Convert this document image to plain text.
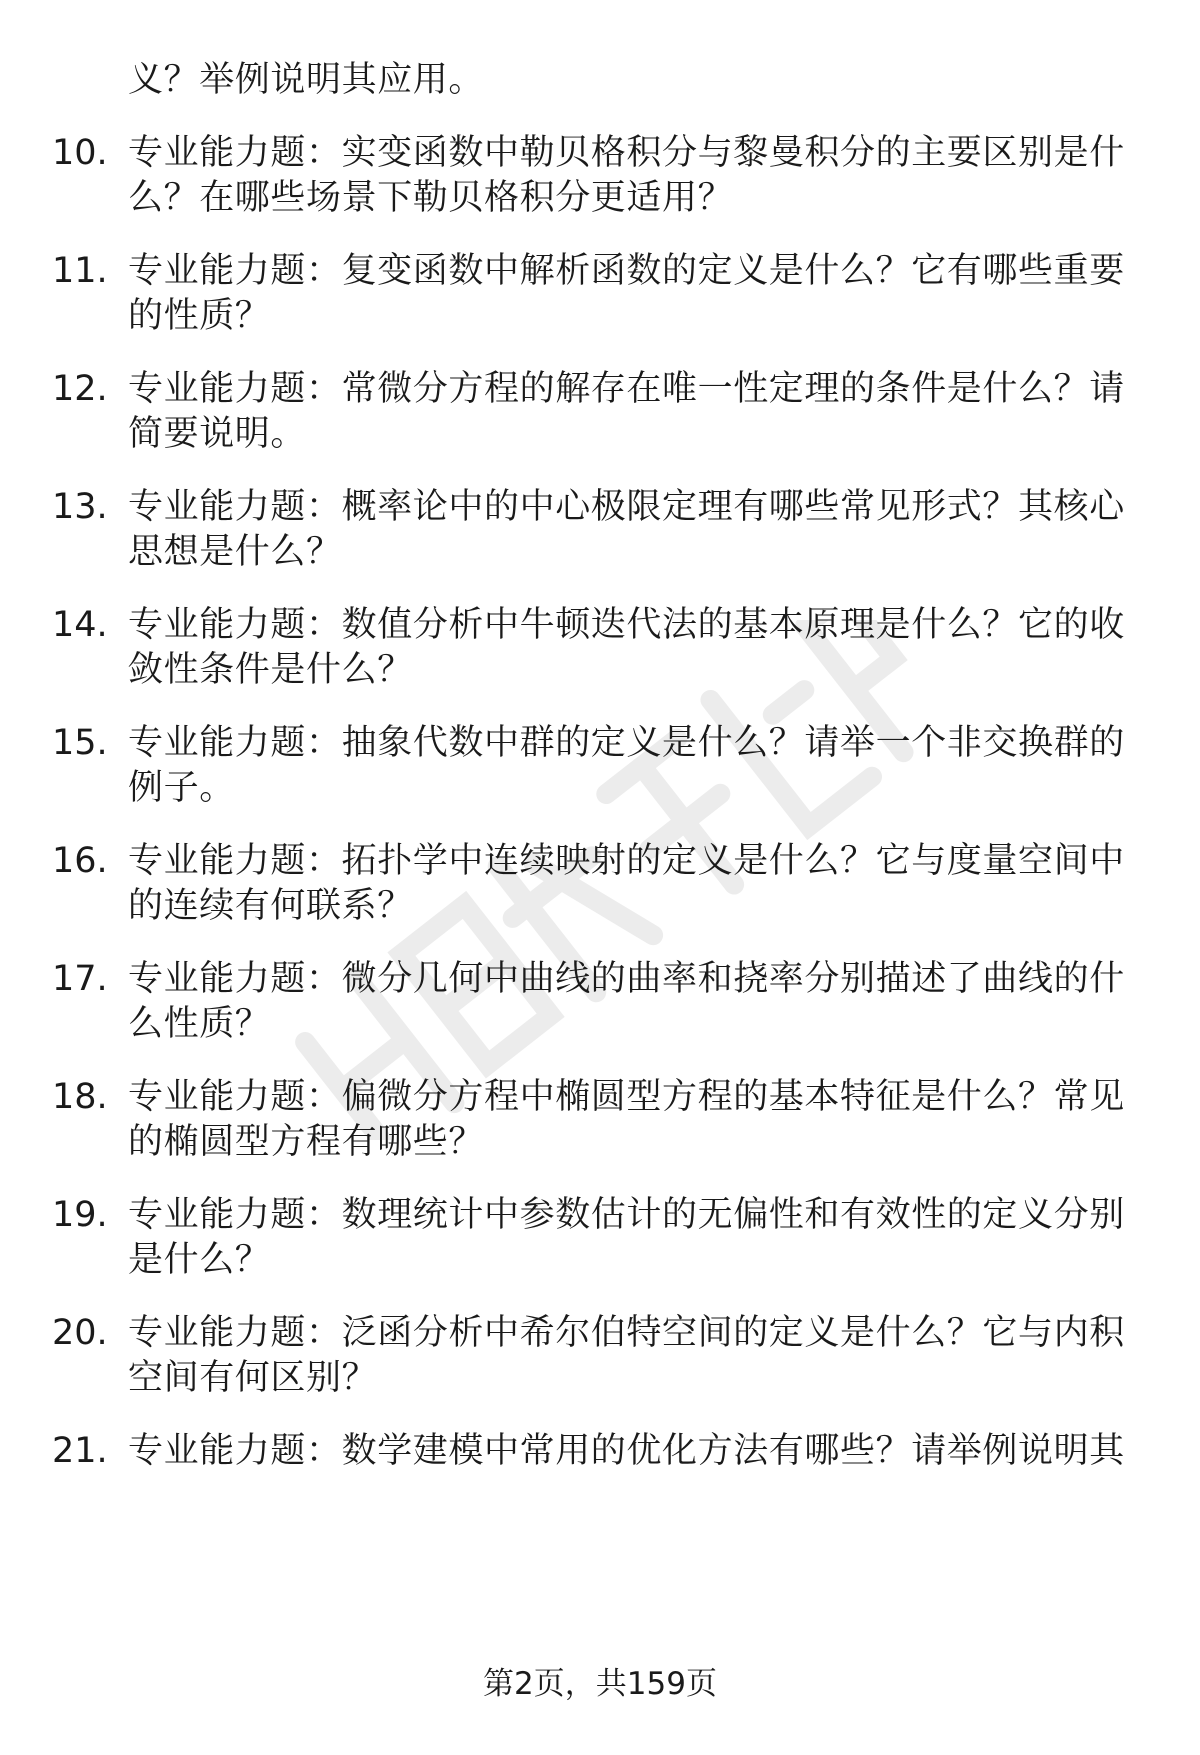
义？举例说明其应用。
10. 专业能力题：实变函数中勒贝格积分与黎曼积分的主要区别是什
么？在哪些场景下勒贝格积分更适用？
11. 专业能力题：复变函数中解析函数的定义是什么？它有哪些重要
的性质？
12. 专业能力题：常微分方程的解存在唯一性定理的条件是什么？请
简要说明。
13. 专业能力题：概率论中的中心极限定理有哪些常见形式？其核心
思想是什么？
14. 专业能力题：数值分析中牛顿迭代法的基本原理是什么？它的收
敛性条件是什么？
15. 专业能力题：抽象代数中群的定义是什么？请举一个非交换群的
例子。
16. 专业能力题：拓扑学中连续映射的定义是什么？它与度量空间中
的连续有何联系？
17. 专业能力题：微分几何中曲线的曲率和挠率分别描述了曲线的什
么性质？
18. 专业能力题：偏微分方程中椭圆型方程的基本特征是什么？常见
的椭圆型方程有哪些？
19. 专业能力题：数理统计中参数估计的无偏性和有效性的定义分别
是什么？
20. 专业能力题：泛函分析中希尔伯特空间的定义是什么？它与内积
空间有何区别？
21. 专业能力题：数学建模中常用的优化方法有哪些？请举例说明其
第2页，共159页
